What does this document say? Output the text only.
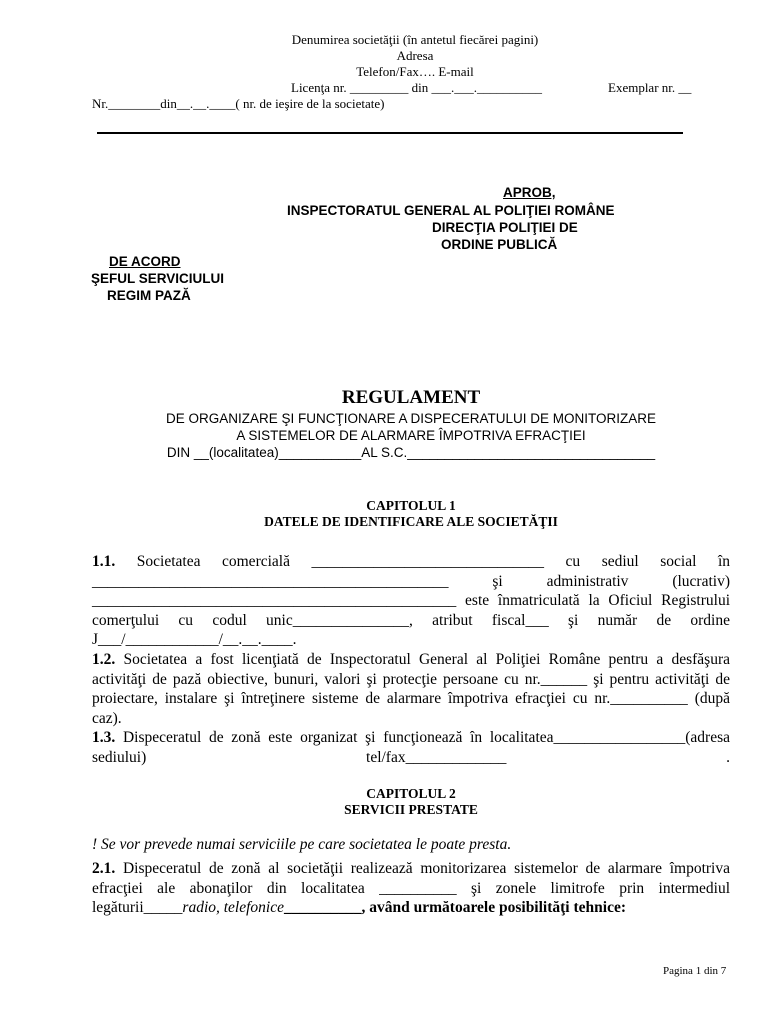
Denumirea societăţii (în antetul fiecărei pagini)
Adresa
Telefon/Fax…. E-mail
Licenţa nr. _________ din ___.___.__________	Exemplar nr. __
Nr.________din__.__.____( nr. de ieşire de la societate)
APROB,
INSPECTORATUL GENERAL AL POLIŢIEI ROMÂNE
DIRECŢIA POLIŢIEI DE
ORDINE PUBLICĂ
DE ACORD
ŞEFUL SERVICIULUI
REGIM PAZĂ
REGULAMENT
DE ORGANIZARE ŞI FUNCŢIONARE A DISPECERATULUI DE MONITORIZARE
A SISTEMELOR DE ALARMARE ÎMPOTRIVA EFRACŢIEI
DIN __(localitatea)___________AL S.C._________________________________
CAPITOLUL 1
DATELE DE IDENTIFICARE ALE SOCIETĂŢII
1.1. Societatea comercială ______________________________ cu sediul social în ______________________________________________ şi administrativ (lucrativ) _______________________________________________ este înmatriculată la Oficiul Registrului comerţului cu codul unic_______________, atribut fiscal___ şi număr de ordine J___/____________/__.__.____.
1.2. Societatea a fost licenţiată de Inspectoratul General al Poliţiei Române pentru a desfăşura activităţi de pază obiective, bunuri, valori şi protecţie persoane cu nr.______ şi pentru activităţi de proiectare, instalare şi întreţinere sisteme de alarmare împotriva efracţiei cu nr.__________ (după caz).
1.3. Dispeceratul de zonă este organizat şi funcţionează în localitatea_________________(adresa sediului) tel/fax_____________ .
CAPITOLUL 2
SERVICII PRESTATE
! Se vor prevede numai serviciile pe care societatea le poate presta.
2.1. Dispeceratul de zonă al societăţii realizează monitorizarea sistemelor de alarmare împotriva efracţiei ale abonaţilor din localitatea __________ şi zonele limitrofe prin intermediul legăturii_____radio, telefonice__________, având următoarele posibilităţi tehnice:
Pagina 1 din 7
